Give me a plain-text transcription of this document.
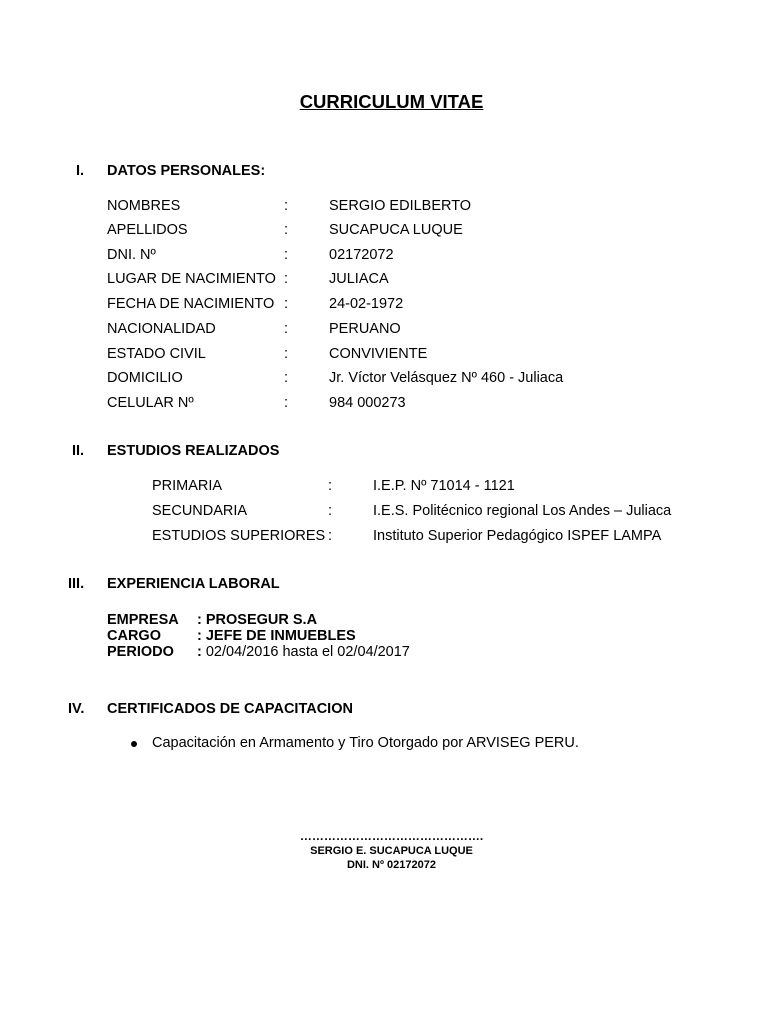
CURRICULUM VITAE
I. DATOS PERSONALES:
NOMBRES	:	SERGIO EDILBERTO
APELLIDOS	:	SUCAPUCA LUQUE
DNI. Nº	:	02172072
LUGAR DE NACIMIENTO :	JULIACA
FECHA DE NACIMIENTO :	24-02-1972
NACIONALIDAD	:	PERUANO
ESTADO CIVIL	:	CONVIVIENTE
DOMICILIO	:	Jr. Víctor Velásquez Nº 460 - Juliaca
CELULAR Nº	:	984 000273
II. ESTUDIOS REALIZADOS
PRIMARIA	:	I.E.P. Nº 71014 - 1121
SECUNDARIA	:	I.E.S. Politécnico regional Los Andes – Juliaca
ESTUDIOS SUPERIORES :	Instituto Superior Pedagógico ISPEF LAMPA
III. EXPERIENCIA LABORAL
EMPRESA : PROSEGUR S.A
CARGO : JEFE DE INMUEBLES
PERIODO : 02/04/2016 hasta el 02/04/2017
IV. CERTIFICADOS DE CAPACITACION
Capacitación en Armamento y Tiro Otorgado por ARVISEG PERU.
……………………………………….
SERGIO E. SUCAPUCA LUQUE
DNI. Nº 02172072
